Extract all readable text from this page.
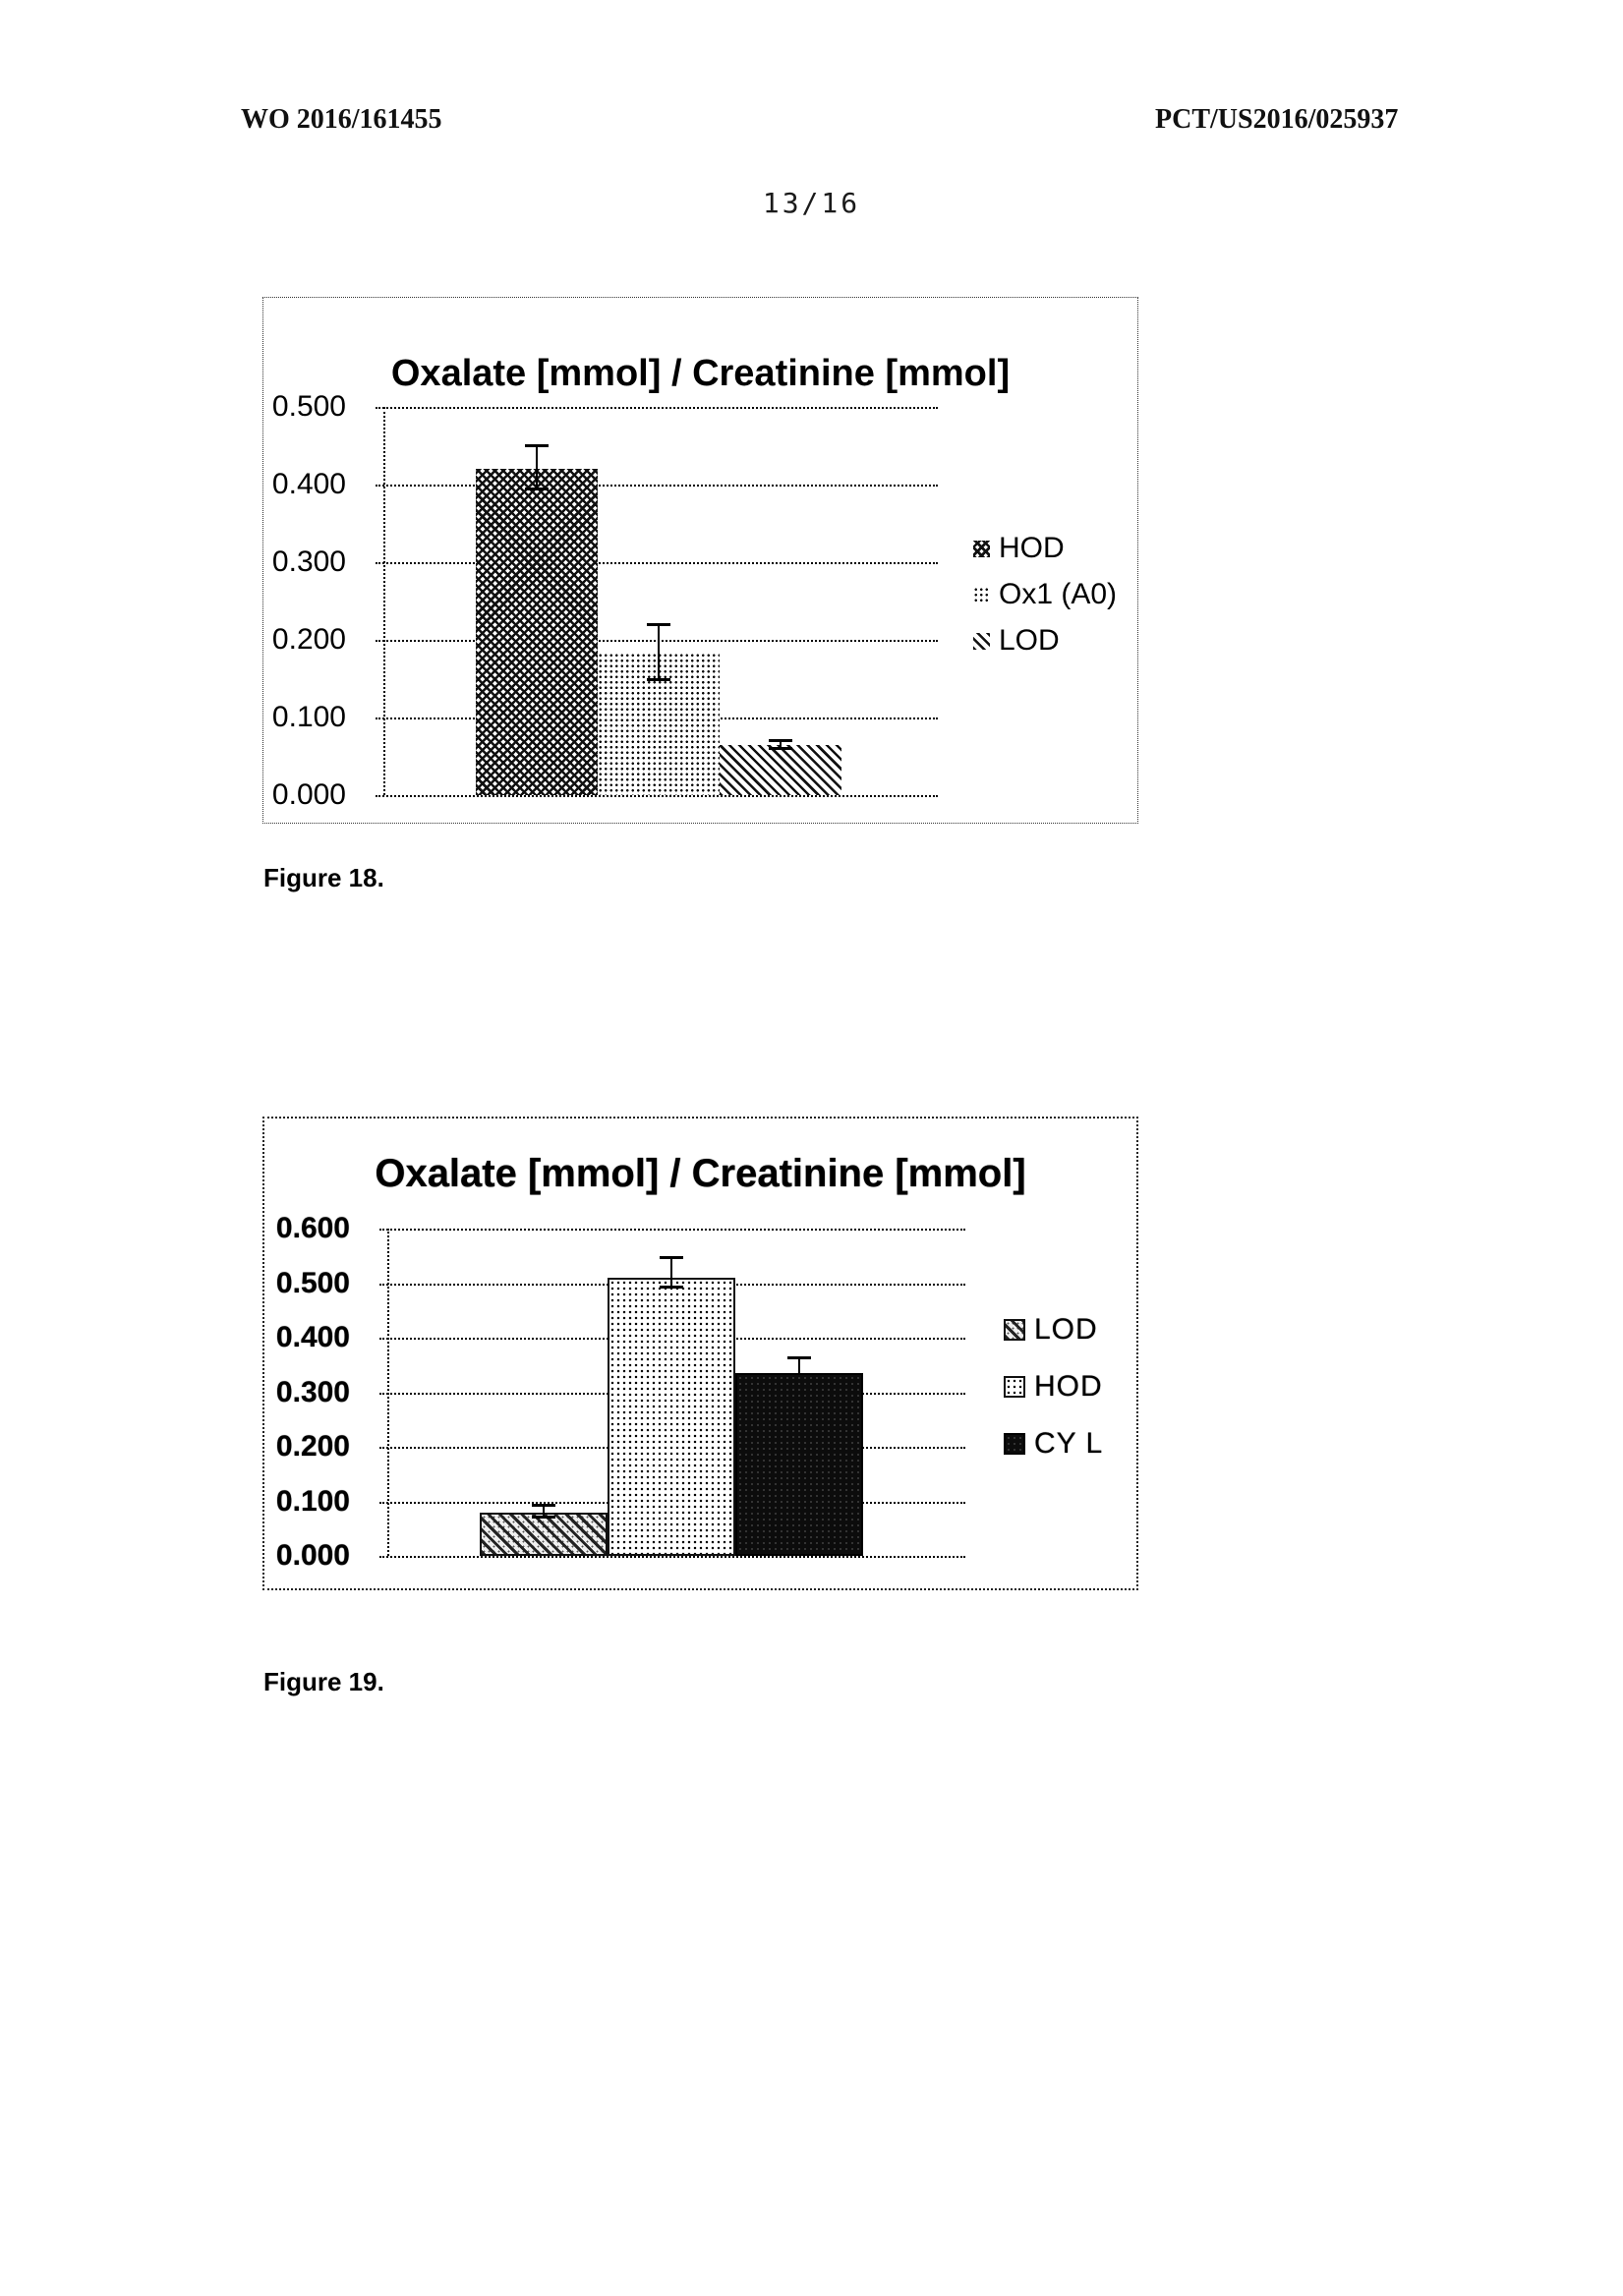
WO 2016/161455	PCT/US2016/025937
13/16
Oxalate [mmol] / Creatinine [mmol]
0.000
0.100
0.200
0.300
0.400
0.500
HOD
Ox1 (A0)
LOD
Figure 18.
Oxalate [mmol] / Creatinine [mmol]
0.000
0.100
0.200
0.300
0.400
0.500
0.600
LOD
HOD
CY L
Figure 19.
